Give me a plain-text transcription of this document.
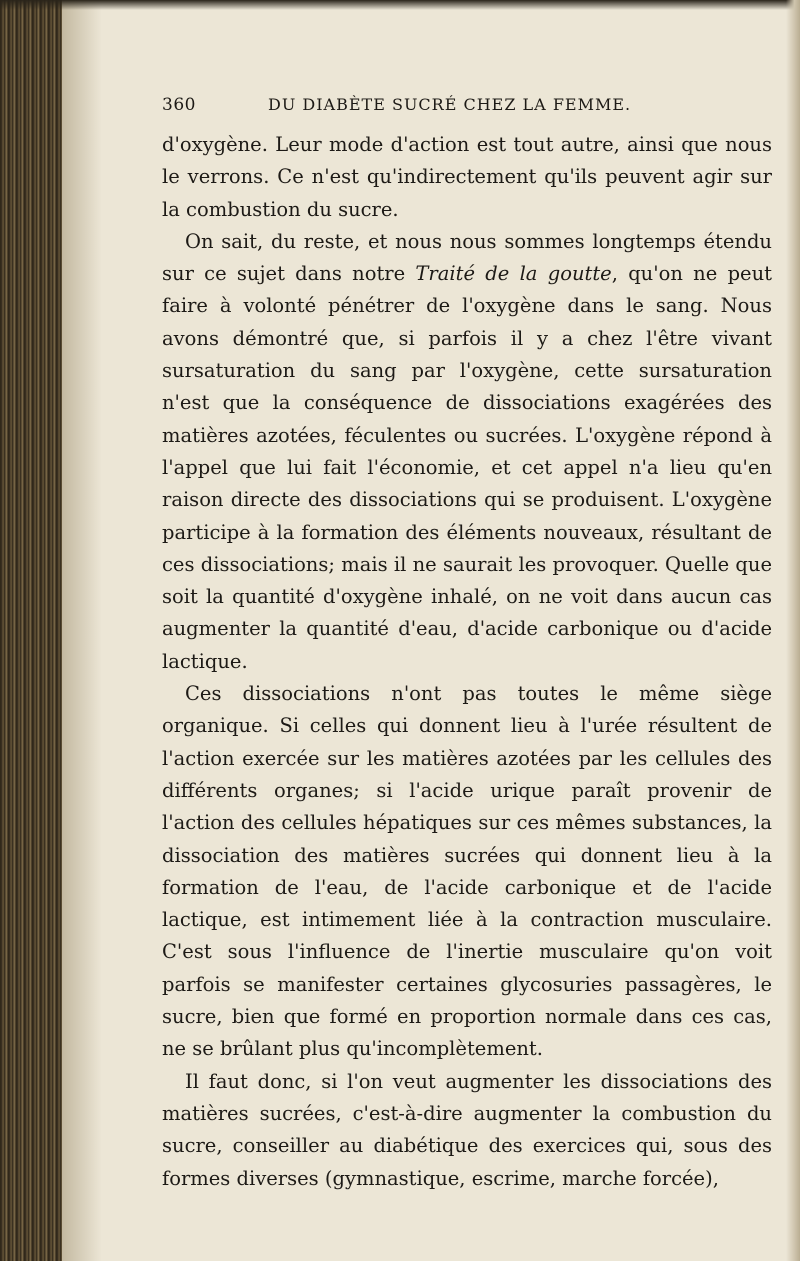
360	DU DIABÈTE SUCRÉ CHEZ LA FEMME.

d'oxygène. Leur mode d'action est tout autre, ainsi que nous le verrons. Ce n'est qu'indirectement qu'ils peuvent agir sur la combustion du sucre.

On sait, du reste, et nous nous sommes longtemps étendu sur ce sujet dans notre Traité de la goutte, qu'on ne peut faire à volonté pénétrer de l'oxygène dans le sang. Nous avons démontré que, si parfois il y a chez l'être vivant sursaturation du sang par l'oxygène, cette sursaturation n'est que la conséquence de dissociations exagérées des matières azotées, féculentes ou sucrées. L'oxygène répond à l'appel que lui fait l'économie, et cet appel n'a lieu qu'en raison directe des dissociations qui se produisent. L'oxygène participe à la formation des éléments nouveaux, résultant de ces dissociations; mais il ne saurait les provoquer. Quelle que soit la quantité d'oxygène inhalé, on ne voit dans aucun cas augmenter la quantité d'eau, d'acide carbonique ou d'acide lactique.

Ces dissociations n'ont pas toutes le même siège organique. Si celles qui donnent lieu à l'urée résultent de l'action exercée sur les matières azotées par les cellules des différents organes; si l'acide urique paraît provenir de l'action des cellules hépatiques sur ces mêmes substances, la dissociation des matières sucrées qui donnent lieu à la formation de l'eau, de l'acide carbonique et de l'acide lactique, est intimement liée à la contraction musculaire. C'est sous l'influence de l'inertie musculaire qu'on voit parfois se manifester certaines glycosuries passagères, le sucre, bien que formé en proportion normale dans ces cas, ne se brûlant plus qu'incomplètement.

Il faut donc, si l'on veut augmenter les dissociations des matières sucrées, c'est-à-dire augmenter la combustion du sucre, conseiller au diabétique des exercices qui, sous des formes diverses (gymnastique, escrime, marche forcée),
